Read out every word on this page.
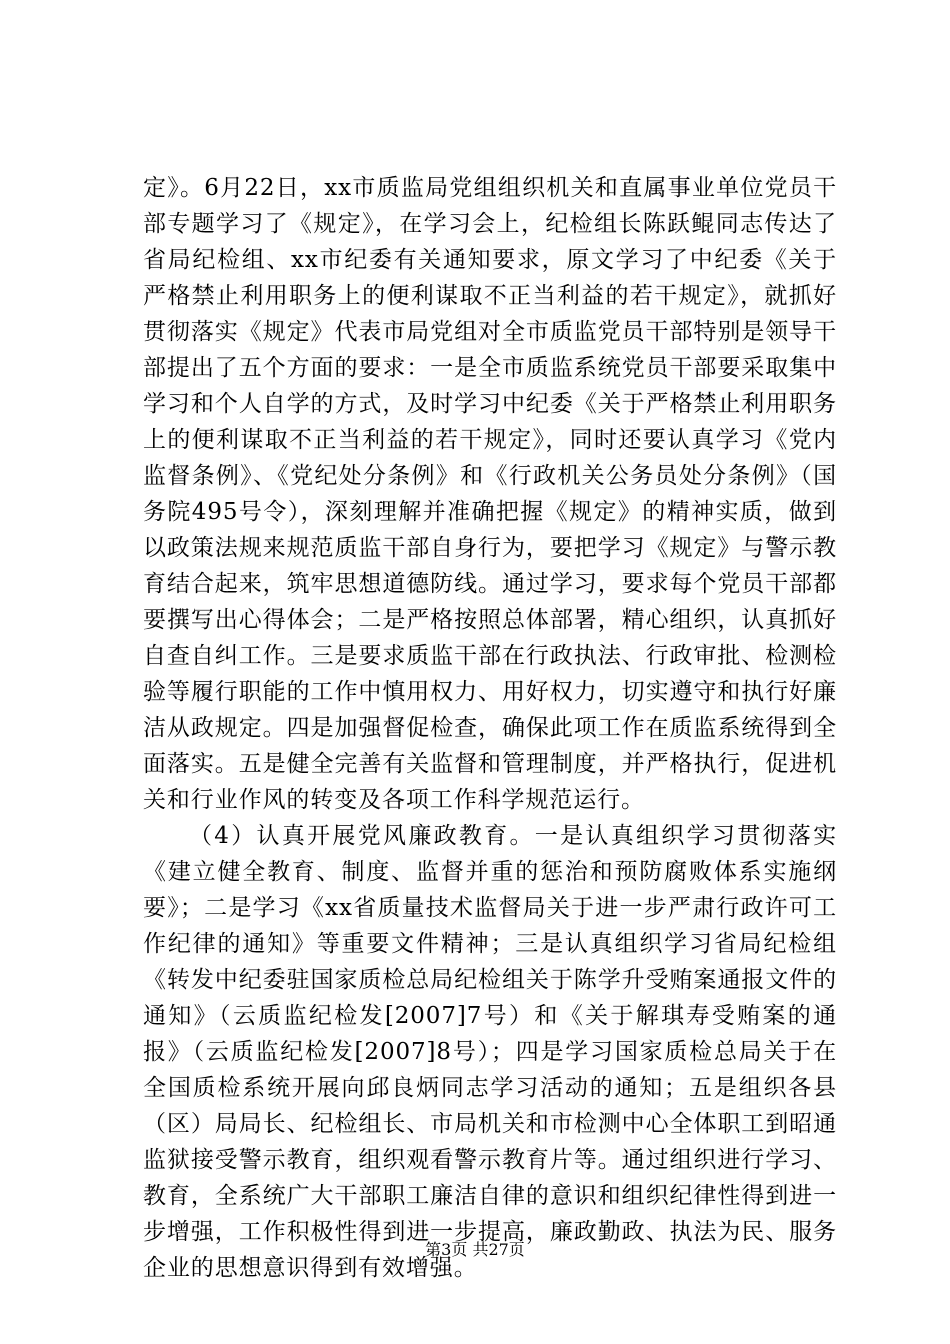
定》。6月22日，xx市质监局党组组织机关和直属事业单位党员干部专题学习了《规定》，在学习会上，纪检组长陈跃鲲同志传达了省局纪检组、xx市纪委有关通知要求，原文学习了中纪委《关于严格禁止利用职务上的便利谋取不正当利益的若干规定》，就抓好贯彻落实《规定》代表市局党组对全市质监党员干部特别是领导干部提出了五个方面的要求：一是全市质监系统党员干部要采取集中学习和个人自学的方式，及时学习中纪委《关于严格禁止利用职务上的便利谋取不正当利益的若干规定》，同时还要认真学习《党内监督条例》、《党纪处分条例》和《行政机关公务员处分条例》（国务院495号令），深刻理解并准确把握《规定》的精神实质，做到以政策法规来规范质监干部自身行为，要把学习《规定》与警示教育结合起来，筑牢思想道德防线。通过学习，要求每个党员干部都要撰写出心得体会；二是严格按照总体部署，精心组织，认真抓好自查自纠工作。三是要求质监干部在行政执法、行政审批、检测检验等履行职能的工作中慎用权力、用好权力，切实遵守和执行好廉洁从政规定。四是加强督促检查，确保此项工作在质监系统得到全面落实。五是健全完善有关监督和管理制度，并严格执行，促进机关和行业作风的转变及各项工作科学规范运行。

（4）认真开展党风廉政教育。一是认真组织学习贯彻落实《建立健全教育、制度、监督并重的惩治和预防腐败体系实施纲要》；二是学习《xx省质量技术监督局关于进一步严肃行政许可工作纪律的通知》等重要文件精神；三是认真组织学习省局纪检组《转发中纪委驻国家质检总局纪检组关于陈学升受贿案通报文件的通知》（云质监纪检发[2007]7号）和《关于解琪寿受贿案的通报》（云质监纪检发[2007]8号）；四是学习国家质检总局关于在全国质检系统开展向邱良炳同志学习活动的通知；五是组织各县（区）局局长、纪检组长、市局机关和市检测中心全体职工到昭通监狱接受警示教育，组织观看警示教育片等。通过组织进行学习、教育，全系统广大干部职工廉洁自律的意识和组织纪律性得到进一步增强，工作积极性得到进一步提高，廉政勤政、执法为民、服务企业的思想意识得到有效增强。

第3页 共27页
